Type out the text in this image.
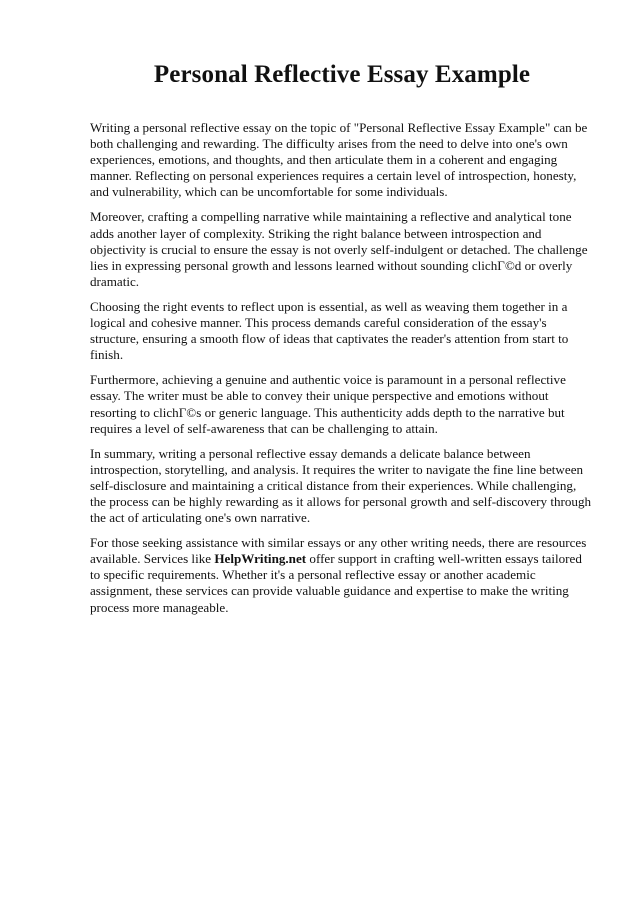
Personal Reflective Essay Example

Writing a personal reflective essay on the topic of "Personal Reflective Essay Example" can be both challenging and rewarding. The difficulty arises from the need to delve into one's own experiences, emotions, and thoughts, and then articulate them in a coherent and engaging manner. Reflecting on personal experiences requires a certain level of introspection, honesty, and vulnerability, which can be uncomfortable for some individuals.

Moreover, crafting a compelling narrative while maintaining a reflective and analytical tone adds another layer of complexity. Striking the right balance between introspection and objectivity is crucial to ensure the essay is not overly self-indulgent or detached. The challenge lies in expressing personal growth and lessons learned without sounding clichГ©d or overly dramatic.

Choosing the right events to reflect upon is essential, as well as weaving them together in a logical and cohesive manner. This process demands careful consideration of the essay's structure, ensuring a smooth flow of ideas that captivates the reader's attention from start to finish.

Furthermore, achieving a genuine and authentic voice is paramount in a personal reflective essay. The writer must be able to convey their unique perspective and emotions without resorting to clichГ©s or generic language. This authenticity adds depth to the narrative but requires a level of self-awareness that can be challenging to attain.

In summary, writing a personal reflective essay demands a delicate balance between introspection, storytelling, and analysis. It requires the writer to navigate the fine line between self-disclosure and maintaining a critical distance from their experiences. While challenging, the process can be highly rewarding as it allows for personal growth and self-discovery through the act of articulating one's own narrative.

For those seeking assistance with similar essays or any other writing needs, there are resources available. Services like HelpWriting.net offer support in crafting well-written essays tailored to specific requirements. Whether it's a personal reflective essay or another academic assignment, these services can provide valuable guidance and expertise to make the writing process more manageable.
